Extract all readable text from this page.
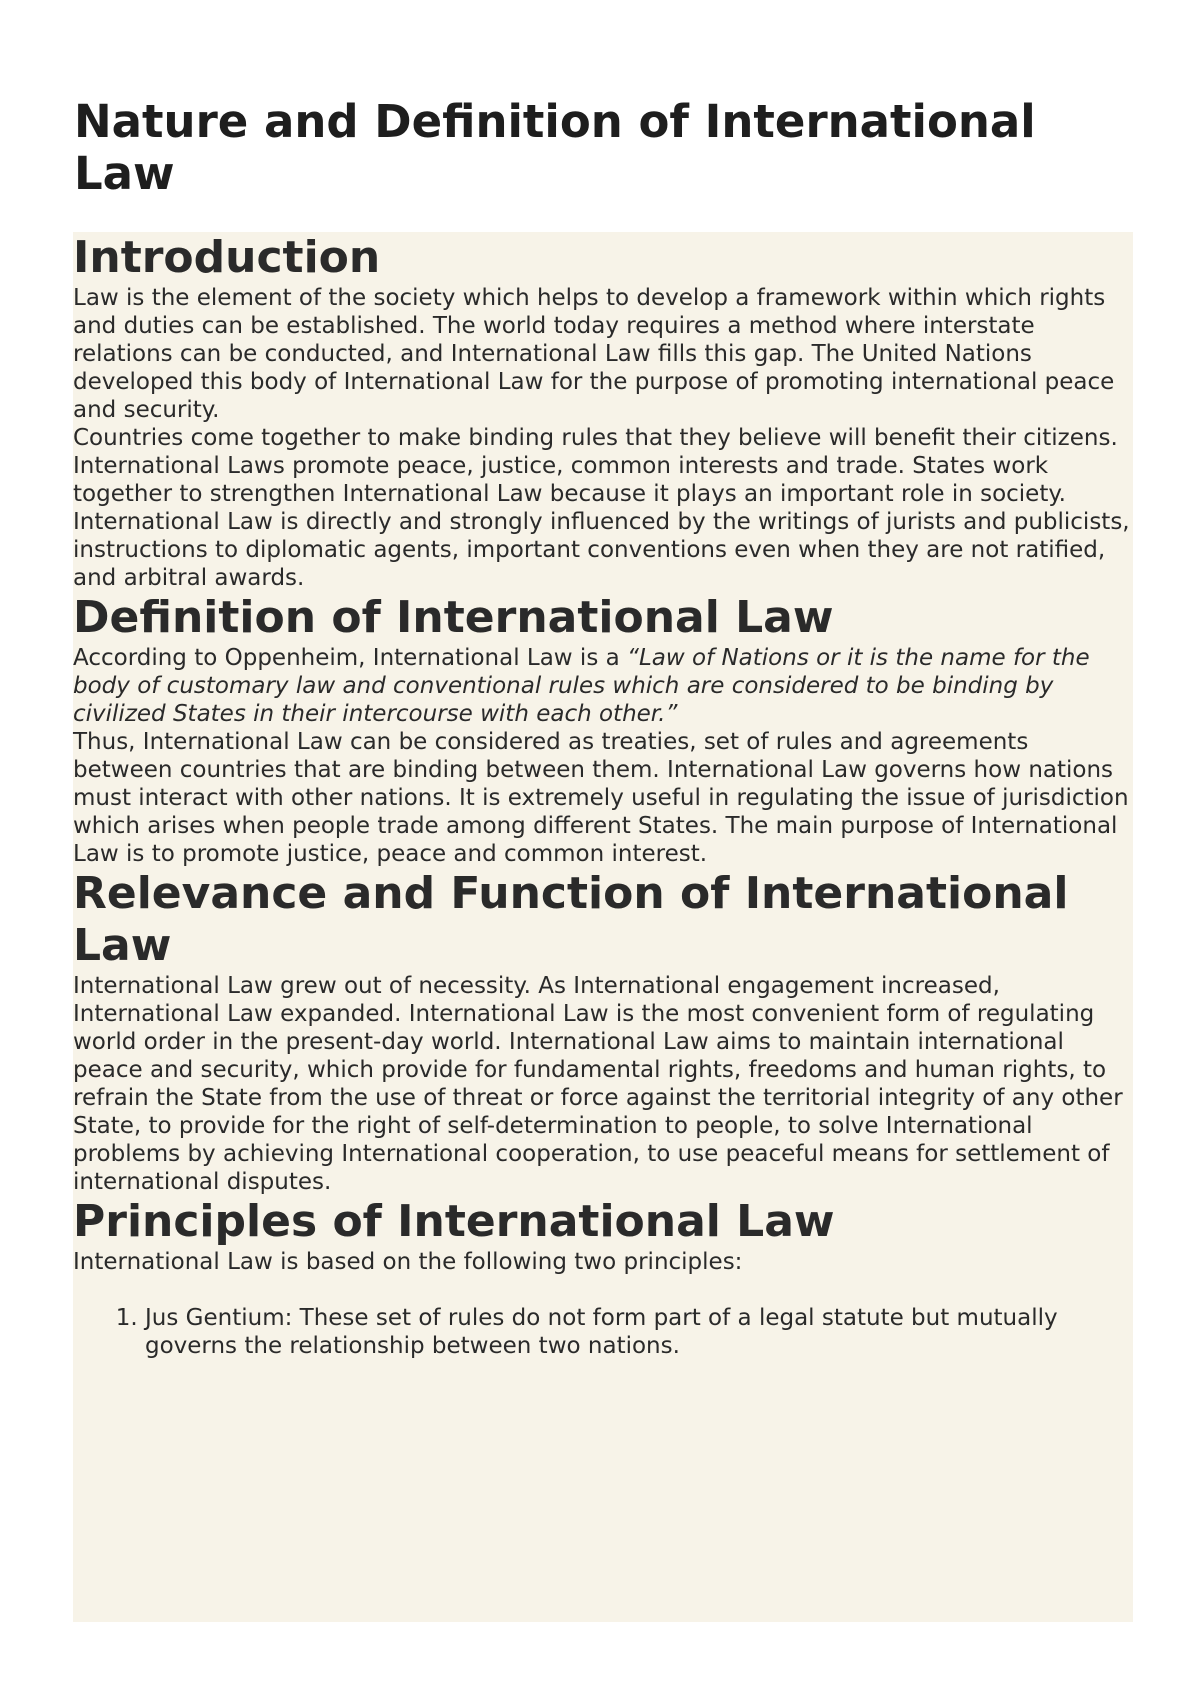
Nature and Definition of International Law
Introduction

Law is the element of the society which helps to develop a framework within which rights and duties can be established. The world today requires a method where interstate relations can be conducted, and International Law fills this gap. The United Nations developed this body of International Law for the purpose of promoting international peace and security.

Countries come together to make binding rules that they believe will benefit their citizens. International Laws promote peace, justice, common interests and trade. States work together to strengthen International Law because it plays an important role in society. International Law is directly and strongly influenced by the writings of jurists and publicists, instructions to diplomatic agents, important conventions even when they are not ratified, and arbitral awards.

Definition of International Law

According to Oppenheim, International Law is a “Law of Nations or it is the name for the body of customary law and conventional rules which are considered to be binding by civilized States in their intercourse with each other.”

Thus, International Law can be considered as treaties, set of rules and agreements between countries that are binding between them. International Law governs how nations must interact with other nations. It is extremely useful in regulating the issue of jurisdiction which arises when people trade among different States. The main purpose of International Law is to promote justice, peace and common interest.

Relevance and Function of International Law

International Law grew out of necessity. As International engagement increased, International Law expanded. International Law is the most convenient form of regulating world order in the present-day world. International Law aims to maintain international peace and security, which provide for fundamental rights, freedoms and human rights, to refrain the State from the use of threat or force against the territorial integrity of any other State, to provide for the right of self-determination to people, to solve International problems by achieving International cooperation, to use peaceful means for settlement of international disputes.

Principles of International Law

International Law is based on the following two principles:

1. Jus Gentium: These set of rules do not form part of a legal statute but mutually governs the relationship between two nations.
